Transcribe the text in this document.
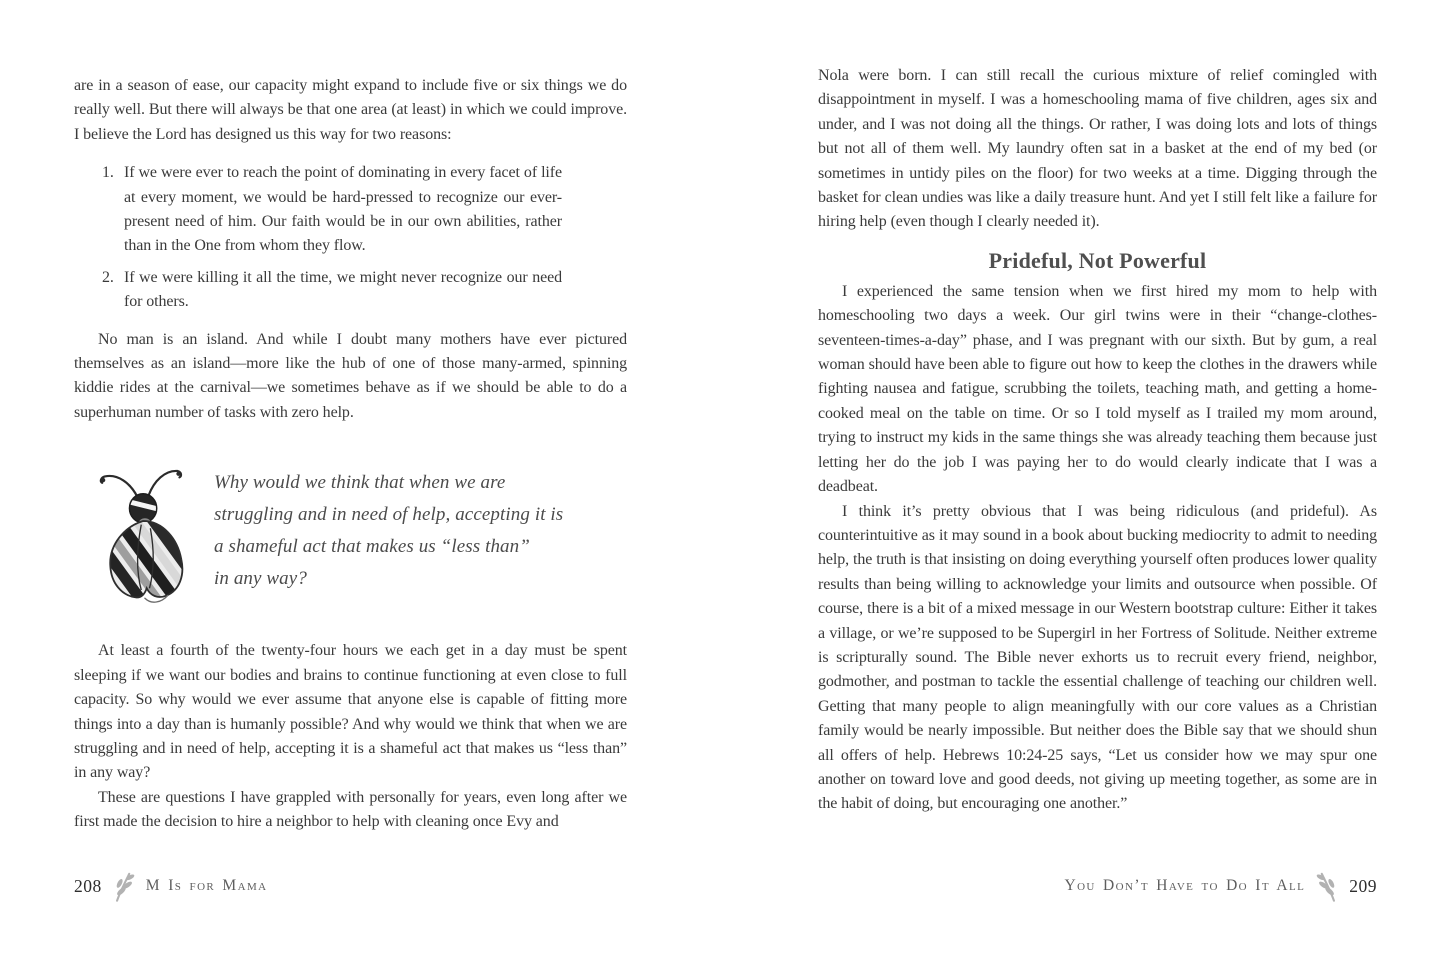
are in a season of ease, our capacity might expand to include five or six things we do really well. But there will always be that one area (at least) in which we could improve. I believe the Lord has designed us this way for two reasons:

1. If we were ever to reach the point of dominating in every facet of life at every moment, we would be hard-pressed to recognize our ever-present need of him. Our faith would be in our own abilities, rather than in the One from whom they flow.
2. If we were killing it all the time, we might never recognize our need for others.

No man is an island. And while I doubt many mothers have ever pictured themselves as an island—more like the hub of one of those many-armed, spinning kiddie rides at the carnival—we sometimes behave as if we should be able to do a superhuman number of tasks with zero help.

Why would we think that when we are
struggling and in need of help, accepting it is
a shameful act that makes us “less than”
in any way?

At least a fourth of the twenty-four hours we each get in a day must be spent sleeping if we want our bodies and brains to continue functioning at even close to full capacity. So why would we ever assume that anyone else is capable of fitting more things into a day than is humanly possible? And why would we think that when we are struggling and in need of help, accepting it is a shameful act that makes us “less than” in any way?

These are questions I have grappled with personally for years, even long after we first made the decision to hire a neighbor to help with cleaning once Evy and

Nola were born. I can still recall the curious mixture of relief comingled with disappointment in myself. I was a homeschooling mama of five children, ages six and under, and I was not doing all the things. Or rather, I was doing lots and lots of things but not all of them well. My laundry often sat in a basket at the end of my bed (or sometimes in untidy piles on the floor) for two weeks at a time. Digging through the basket for clean undies was like a daily treasure hunt. And yet I still felt like a failure for hiring help (even though I clearly needed it).

Prideful, Not Powerful

I experienced the same tension when we first hired my mom to help with homeschooling two days a week. Our girl twins were in their “change-clothes-seventeen-times-a-day” phase, and I was pregnant with our sixth. But by gum, a real woman should have been able to figure out how to keep the clothes in the drawers while fighting nausea and fatigue, scrubbing the toilets, teaching math, and getting a home-cooked meal on the table on time. Or so I told myself as I trailed my mom around, trying to instruct my kids in the same things she was already teaching them because just letting her do the job I was paying her to do would clearly indicate that I was a deadbeat.

I think it’s pretty obvious that I was being ridiculous (and prideful). As counterintuitive as it may sound in a book about bucking mediocrity to admit to needing help, the truth is that insisting on doing everything yourself often produces lower quality results than being willing to acknowledge your limits and outsource when possible. Of course, there is a bit of a mixed message in our Western bootstrap culture: Either it takes a village, or we’re supposed to be Supergirl in her Fortress of Solitude. Neither extreme is scripturally sound. The Bible never exhorts us to recruit every friend, neighbor, godmother, and postman to tackle the essential challenge of teaching our children well. Getting that many people to align meaningfully with our core values as a Christian family would be nearly impossible. But neither does the Bible say that we should shun all offers of help. Hebrews 10:24-25 says, “Let us consider how we may spur one another on toward love and good deeds, not giving up meeting together, as some are in the habit of doing, but encouraging one another.”

208	M Is for Mama	You Don’t Have to Do It All	209
